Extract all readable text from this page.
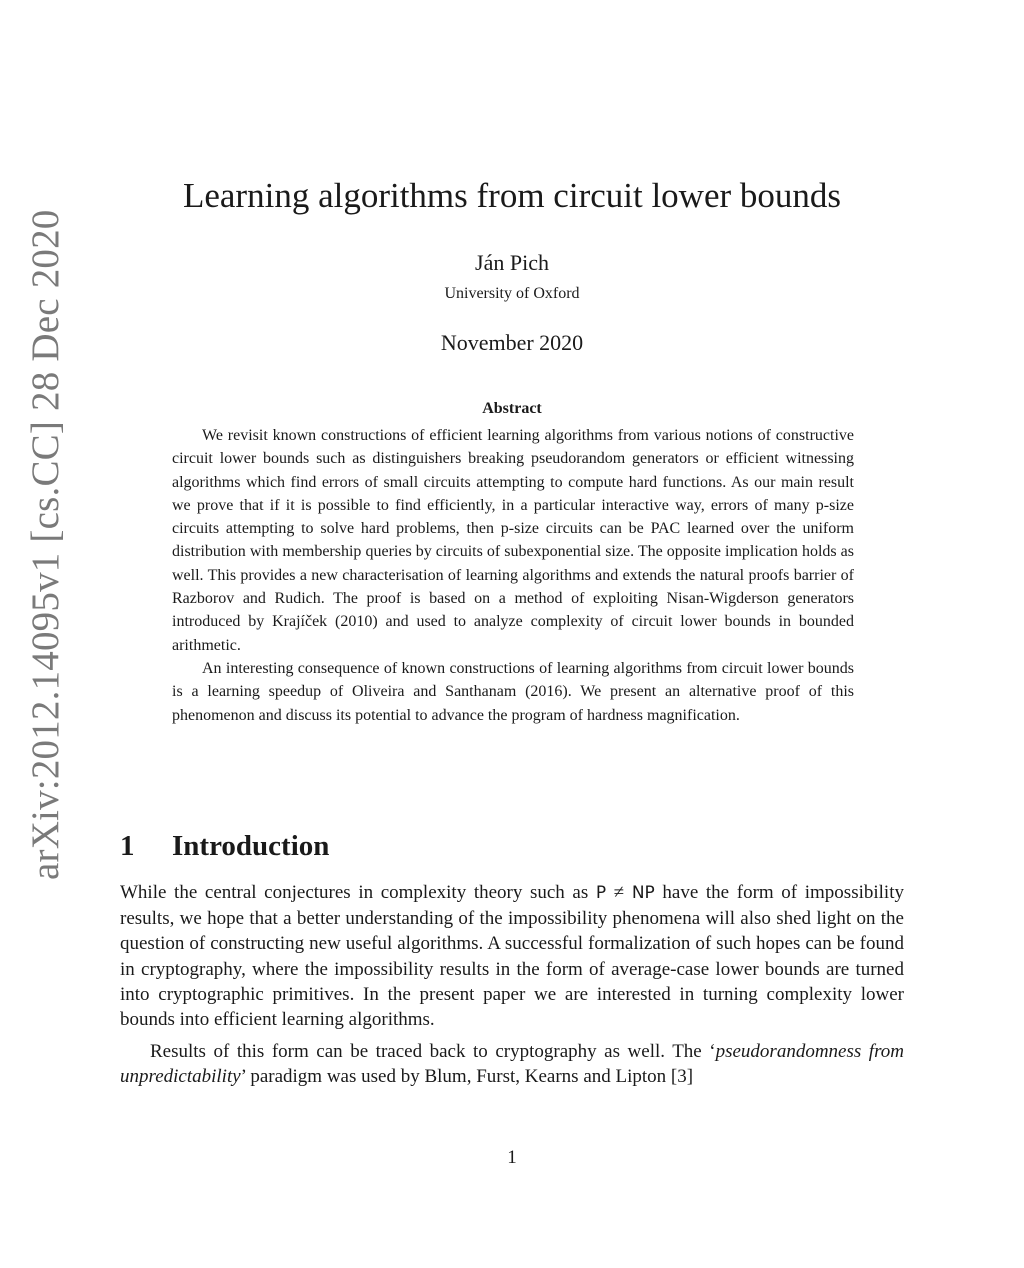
arXiv:2012.14095v1 [cs.CC] 28 Dec 2020
Learning algorithms from circuit lower bounds
Ján Pich
University of Oxford
November 2020
Abstract

We revisit known constructions of efficient learning algorithms from various notions of constructive circuit lower bounds such as distinguishers breaking pseudorandom generators or efficient witnessing algorithms which find errors of small circuits attempting to compute hard functions. As our main result we prove that if it is possible to find efficiently, in a particular interactive way, errors of many p-size circuits attempting to solve hard problems, then p-size circuits can be PAC learned over the uniform distribution with membership queries by circuits of subexponential size. The opposite implication holds as well. This provides a new characterisation of learning algorithms and extends the natural proofs barrier of Razborov and Rudich. The proof is based on a method of exploiting Nisan-Wigderson generators introduced by Krajíček (2010) and used to analyze complexity of circuit lower bounds in bounded arithmetic.

An interesting consequence of known constructions of learning algorithms from circuit lower bounds is a learning speedup of Oliveira and Santhanam (2016). We present an alternative proof of this phenomenon and discuss its potential to advance the program of hardness magnification.

1 Introduction

While the central conjectures in complexity theory such as P ≠ NP have the form of impossibility results, we hope that a better understanding of the impossibility phenomena will also shed light on the question of constructing new useful algorithms. A successful formalization of such hopes can be found in cryptography, where the impossibility results in the form of average-case lower bounds are turned into cryptographic primitives. In the present paper we are interested in turning complexity lower bounds into efficient learning algorithms.

Results of this form can be traced back to cryptography as well. The ‘pseudorandomness from unpredictability’ paradigm was used by Blum, Furst, Kearns and Lipton [3]

1
